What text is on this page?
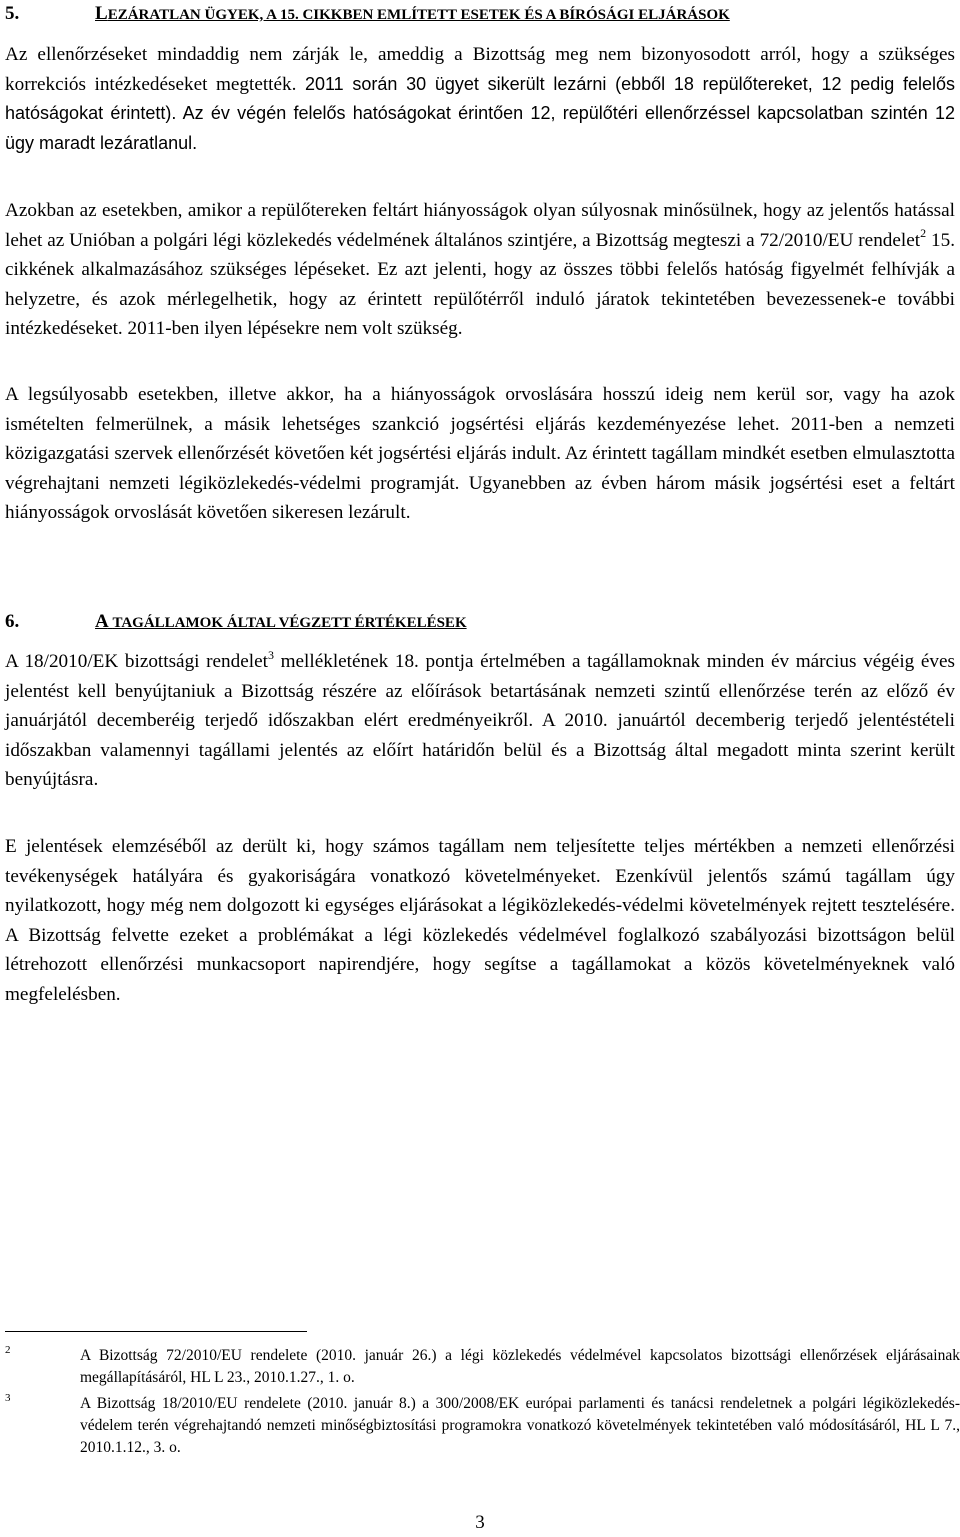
5.	LEZÁRATLAN ÜGYEK, A 15. CIKKBEN EMLÍTETT ESETEK ÉS A BÍRÓSÁGI ELJÁRÁSOK

Az ellenőrzéseket mindaddig nem zárják le, ameddig a Bizottság meg nem bizonyosodott arról, hogy a szükséges korrekciós intézkedéseket megtették. 2011 során 30 ügyet sikerült lezárni (ebből 18 repülőtereket, 12 pedig felelős hatóságokat érintett). Az év végén felelős hatóságokat érintően 12, repülőtéri ellenőrzéssel kapcsolatban szintén 12 ügy maradt lezáratlanul.

Azokban az esetekben, amikor a repülőtereken feltárt hiányosságok olyan súlyosnak minősülnek, hogy az jelentős hatással lehet az Unióban a polgári légi közlekedés védelmének általános szintjére, a Bizottság megteszi a 72/2010/EU rendelet$^2$ 15. cikkének alkalmazásához szükséges lépéseket. Ez azt jelenti, hogy az összes többi felelős hatóság figyelmét felhívják a helyzetre, és azok mérlegelhetik, hogy az érintett repülőtérről induló járatok tekintetében bevezessenek-e további intézkedéseket. 2011-ben ilyen lépésekre nem volt szükség.

A legsúlyosabb esetekben, illetve akkor, ha a hiányosságok orvoslására hosszú ideig nem kerül sor, vagy ha azok ismételten felmerülnek, a másik lehetséges szankció jogsértési eljárás kezdeményezése lehet. 2011-ben a nemzeti közigazgatási szervek ellenőrzését követően két jogsértési eljárás indult. Az érintett tagállam mindkét esetben elmulasztotta végrehajtani nemzeti légiközlekedés-védelmi programját. Ugyanebben az évben három másik jogsértési eset a feltárt hiányosságok orvoslását követően sikeresen lezárult.

6.	A TAGÁLLAMOK ÁLTAL VÉGZETT ÉRTÉKELÉSEK

A 18/2010/EK bizottsági rendelet$^3$ mellékletének 18. pontja értelmében a tagállamoknak minden év március végéig éves jelentést kell benyújtaniuk a Bizottság részére az előírások betartásának nemzeti szintű ellenőrzése terén az előző év januárjától decemberéig terjedő időszakban elért eredményeikről. A 2010. januártól decemberig terjedő jelentéstételi időszakban valamennyi tagállami jelentés az előírt határidőn belül és a Bizottság által megadott minta szerint került benyújtásra.

E jelentések elemzéséből az derült ki, hogy számos tagállam nem teljesítette teljes mértékben a nemzeti ellenőrzési tevékenységek hatályára és gyakoriságára vonatkozó követelményeket. Ezenkívül jelentős számú tagállam úgy nyilatkozott, hogy még nem dolgozott ki egységes eljárásokat a légiközlekedés-védelmi követelmények rejtett tesztelésére. A Bizottság felvette ezeket a problémákat a légi közlekedés védelmével foglalkozó szabályozási bizottságon belül létrehozott ellenőrzési munkacsoport napirendjére, hogy segítse a tagállamokat a közös követelményeknek való megfelelésben.

2	A Bizottság 72/2010/EU rendelete (2010. január 26.) a légi közlekedés védelmével kapcsolatos bizottsági ellenőrzések eljárásainak megállapításáról, HL L 23., 2010.1.27., 1. o.
3	A Bizottság 18/2010/EU rendelete (2010. január 8.) a 300/2008/EK európai parlamenti és tanácsi rendeletnek a polgári légiközlekedés-védelem terén végrehajtandó nemzeti minőségbiztosítási programokra vonatkozó követelmények tekintetében való módosításáról, HL L 7., 2010.1.12., 3. o.
3
